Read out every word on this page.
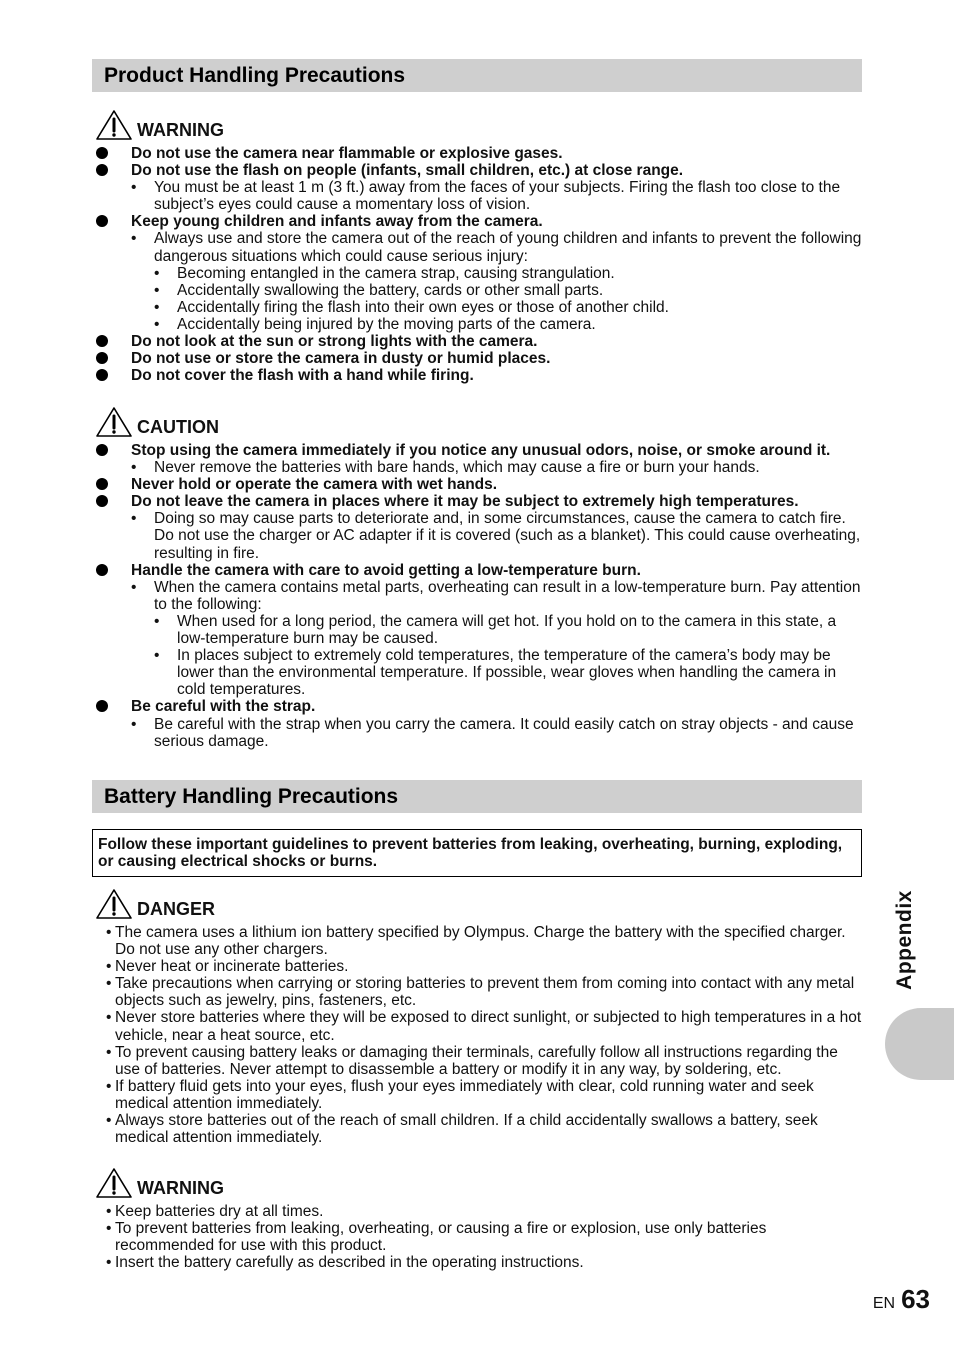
Product Handling Precautions
WARNING
Do not use the camera near flammable or explosive gases.
Do not use the flash on people (infants, small children, etc.) at close range.
• You must be at least 1 m (3 ft.) away from the faces of your subjects. Firing the flash too close to the subject’s eyes could cause a momentary loss of vision.
Keep young children and infants away from the camera.
• Always use and store the camera out of the reach of young children and infants to prevent the following dangerous situations which could cause serious injury:
• Becoming entangled in the camera strap, causing strangulation.
• Accidentally swallowing the battery, cards or other small parts.
• Accidentally firing the flash into their own eyes or those of another child.
• Accidentally being injured by the moving parts of the camera.
Do not look at the sun or strong lights with the camera.
Do not use or store the camera in dusty or humid places.
Do not cover the flash with a hand while firing.
CAUTION
Stop using the camera immediately if you notice any unusual odors, noise, or smoke around it.
• Never remove the batteries with bare hands, which may cause a fire or burn your hands.
Never hold or operate the camera with wet hands.
Do not leave the camera in places where it may be subject to extremely high temperatures.
• Doing so may cause parts to deteriorate and, in some circumstances, cause the camera to catch fire. Do not use the charger or AC adapter if it is covered (such as a blanket). This could cause overheating, resulting in fire.
Handle the camera with care to avoid getting a low-temperature burn.
• When the camera contains metal parts, overheating can result in a low-temperature burn. Pay attention to the following:
• When used for a long period, the camera will get hot. If you hold on to the camera in this state, a low-temperature burn may be caused.
• In places subject to extremely cold temperatures, the temperature of the camera’s body may be lower than the environmental temperature. If possible, wear gloves when handling the camera in cold temperatures.
Be careful with the strap.
• Be careful with the strap when you carry the camera. It could easily catch on stray objects - and cause serious damage.
Battery Handling Precautions
Follow these important guidelines to prevent batteries from leaking, overheating, burning, exploding, or causing electrical shocks or burns.
DANGER
• The camera uses a lithium ion battery specified by Olympus. Charge the battery with the specified charger. Do not use any other chargers.
• Never heat or incinerate batteries.
• Take precautions when carrying or storing batteries to prevent them from coming into contact with any metal objects such as jewelry, pins, fasteners, etc.
• Never store batteries where they will be exposed to direct sunlight, or subjected to high temperatures in a hot vehicle, near a heat source, etc.
• To prevent causing battery leaks or damaging their terminals, carefully follow all instructions regarding the use of batteries. Never attempt to disassemble a battery or modify it in any way, by soldering, etc.
• If battery fluid gets into your eyes, flush your eyes immediately with clear, cold running water and seek medical attention immediately.
• Always store batteries out of the reach of small children. If a child accidentally swallows a battery, seek medical attention immediately.
WARNING
• Keep batteries dry at all times.
• To prevent batteries from leaking, overheating, or causing a fire or explosion, use only batteries recommended for use with this product.
• Insert the battery carefully as described in the operating instructions.
Appendix
EN 63
